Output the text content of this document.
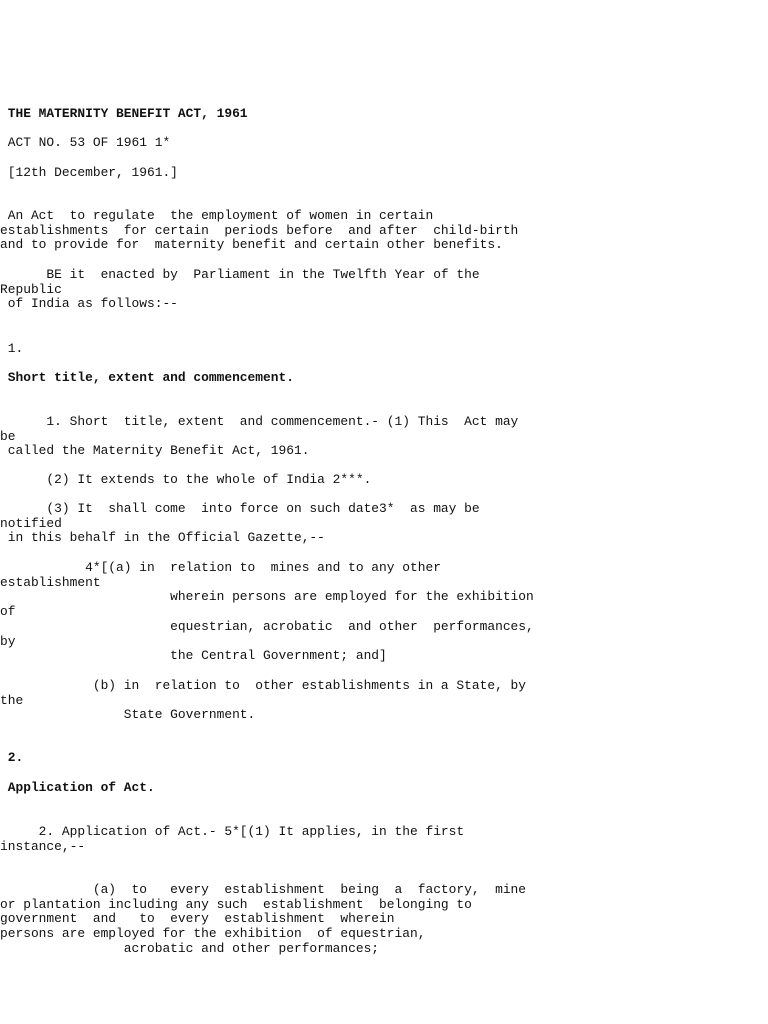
THE MATERNITY BENEFIT ACT, 1961
ACT NO. 53 OF 1961 1*
[12th December, 1961.]
An Act  to regulate  the employment of women in certain
establishments  for certain  periods before  and after  child-birth
and to provide for  maternity benefit and certain other benefits.
BE it  enacted by  Parliament in the Twelfth Year of the
Republic
of India as follows:--
1.
Short title, extent and commencement.
1. Short  title, extent  and commencement.- (1) This  Act may
be
called the Maternity Benefit Act, 1961.
(2) It extends to the whole of India 2***.
(3) It  shall come  into force on such date3*  as may be
notified
in this behalf in the Official Gazette,--
4*[(a) in  relation to  mines and to any other
establishment
wherein persons are employed for the exhibition
of
equestrian, acrobatic  and other  performances,
by
the Central Government; and]
(b) in  relation to  other establishments in a State, by
the
State Government.
2.
Application of Act.
2. Application of Act.- 5*[(1) It applies, in the first
instance,--
(a)  to   every  establishment  being  a  factory,  mine
or plantation including any such  establishment  belonging to
government  and   to  every  establishment  wherein
persons are employed for the exhibition  of equestrian,
acrobatic and other performances;
